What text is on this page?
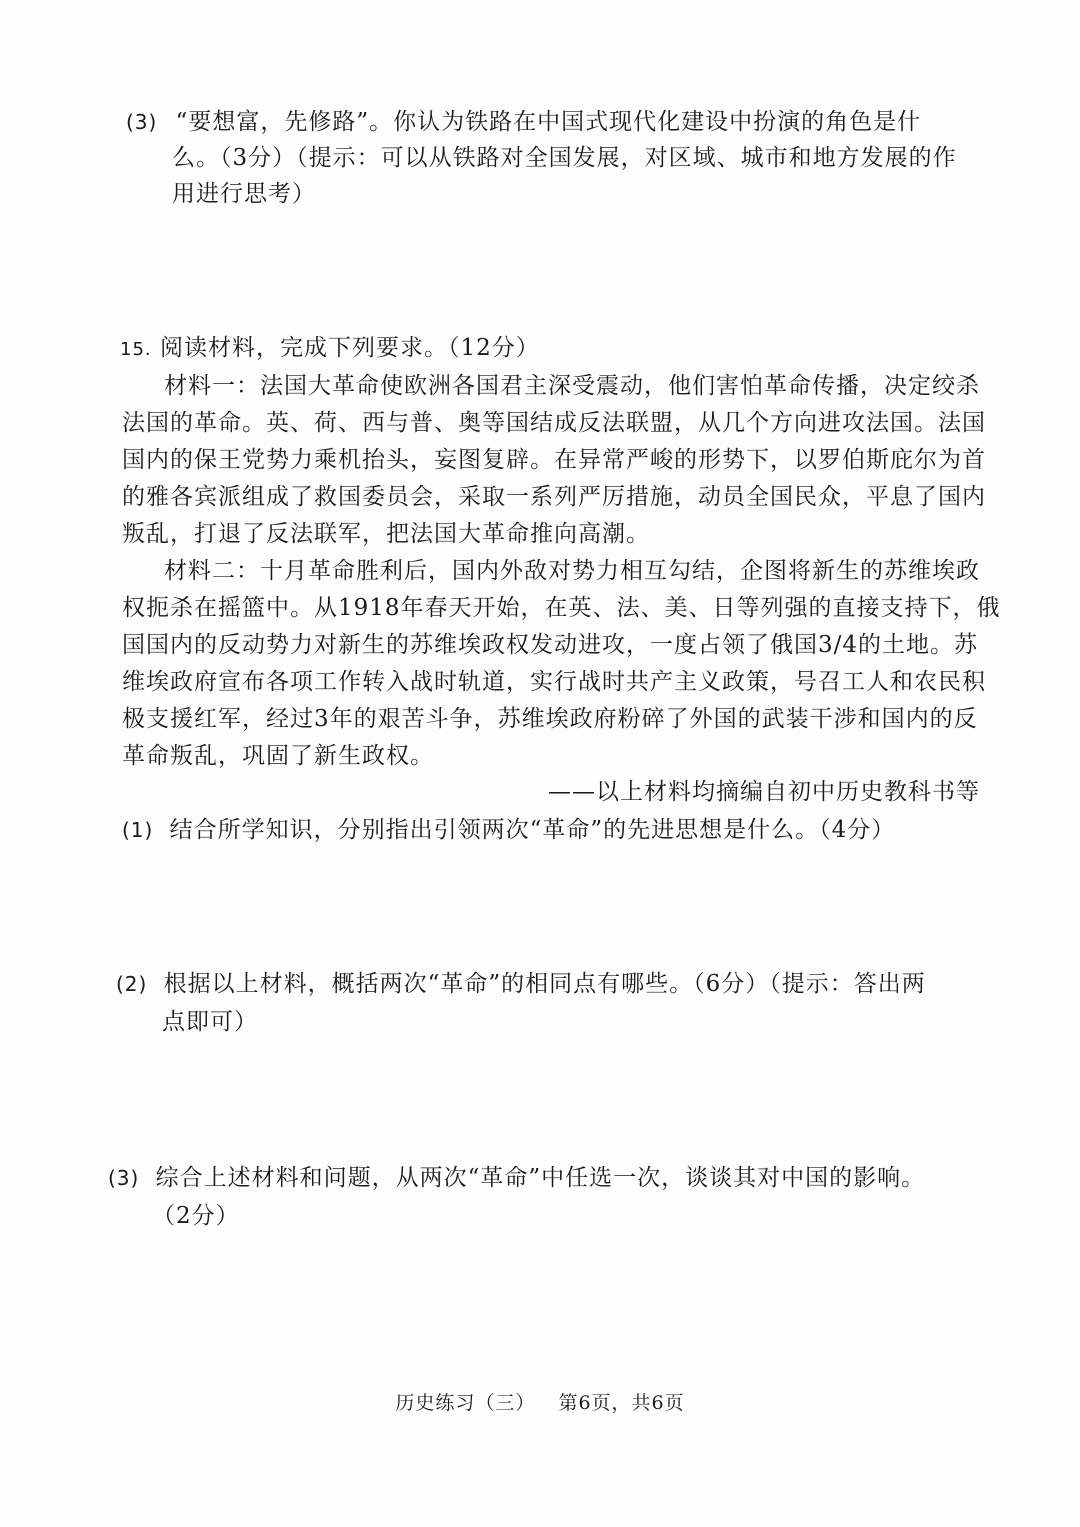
(3) “要想富，先修路”。你认为铁路在中国式现代化建设中扮演的角色是什
么。（3分）（提示：可以从铁路对全国发展，对区域、城市和地方发展的作
用进行思考）
15. 阅读材料，完成下列要求。（12分）
材料一：法国大革命使欧洲各国君主深受震动，他们害怕革命传播，决定绞杀
法国的革命。英、荷、西与普、奥等国结成反法联盟，从几个方向进攻法国。法国
国内的保王党势力乘机抬头，妄图复辟。在异常严峻的形势下，以罗伯斯庇尔为首
的雅各宾派组成了救国委员会，采取一系列严厉措施，动员全国民众，平息了国内
叛乱，打退了反法联军，把法国大革命推向高潮。
材料二：十月革命胜利后，国内外敌对势力相互勾结，企图将新生的苏维埃政
权扼杀在摇篮中。从1918年春天开始，在英、法、美、日等列强的直接支持下，俄
国国内的反动势力对新生的苏维埃政权发动进攻，一度占领了俄国3/4的土地。苏
维埃政府宣布各项工作转入战时轨道，实行战时共产主义政策，号召工人和农民积
极支援红军，经过3年的艰苦斗争，苏维埃政府粉碎了外国的武装干涉和国内的反
革命叛乱，巩固了新生政权。
——以上材料均摘编自初中历史教科书等
(1) 结合所学知识，分别指出引领两次“革命”的先进思想是什么。（4分）
(2) 根据以上材料，概括两次“革命”的相同点有哪些。（6分）（提示：答出两
点即可）
(3) 综合上述材料和问题，从两次“革命”中任选一次，谈谈其对中国的影响。
（2分）
历史练习（三） 第6页，共6页
